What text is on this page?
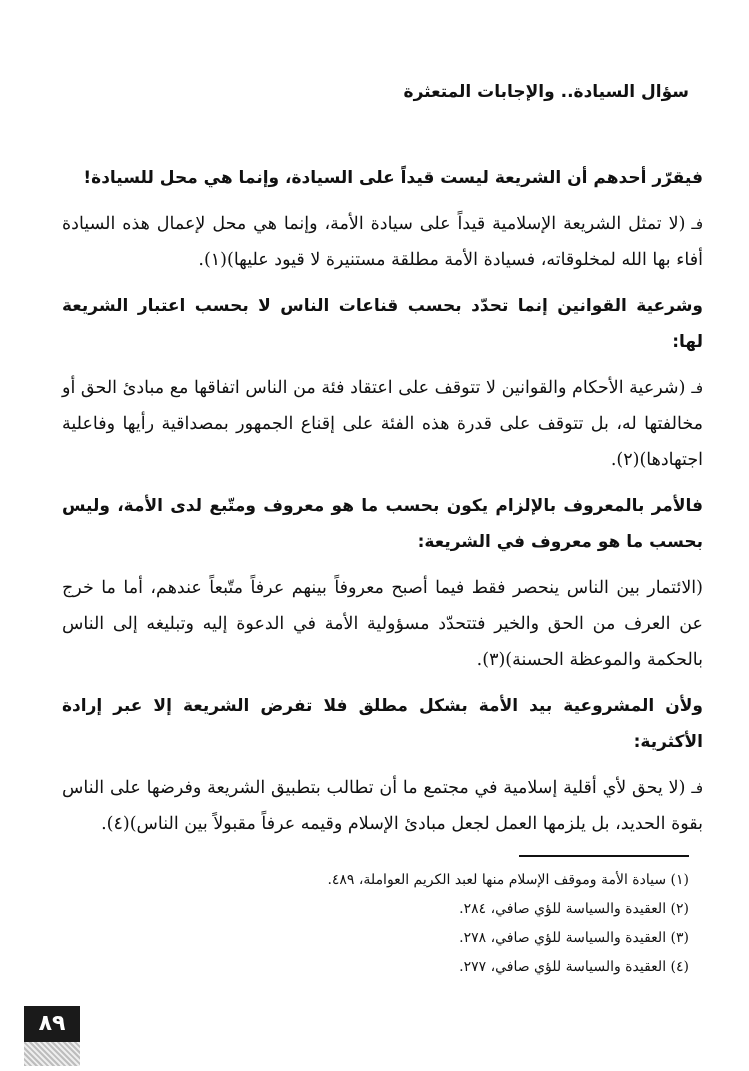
سؤال السيادة.. والإجابات المتعثرة

فيقرّر أحدهم أن الشريعة ليست قيداً على السيادة، وإنما هي محل للسيادة!

فـ(لا تمثل الشريعة الإسلامية قيداً على سيادة الأمة، وإنما هي محل لإعمال هذه السيادة أفاء بها الله لمخلوقاته، فسيادة الأمة مطلقة مستنيرة لا قيود عليها)(١).

وشرعية القوانين إنما تحدّد بحسب قناعات الناس لا بحسب اعتبار الشريعة لها:

فـ(شرعية الأحكام والقوانين لا تتوقف على اعتقاد فئة من الناس اتفاقها مع مبادئ الحق أو مخالفتها له، بل تتوقف على قدرة هذه الفئة على إقناع الجمهور بمصداقية رأيها وفاعلية اجتهادها)(٢).

فالأمر بالمعروف بالإلزام يكون بحسب ما هو معروف ومتّبع لدى الأمة، وليس بحسب ما هو معروف في الشريعة:

(الائتمار بين الناس ينحصر فقط فيما أصبح معروفاً بينهم عرفاً متّبعاً عندهم، أما ما خرج عن العرف من الحق والخير فتتحدّد مسؤولية الأمة في الدعوة إليه وتبليغه إلى الناس بالحكمة والموعظة الحسنة)(٣).

ولأن المشروعية بيد الأمة بشكل مطلق فلا تفرض الشريعة إلا عبر إرادة الأكثرية:

فـ(لا يحق لأي أقلية إسلامية في مجتمع ما أن تطالب بتطبيق الشريعة وفرضها على الناس بقوة الحديد، بل يلزمها العمل لجعل مبادئ الإسلام وقيمه عرفاً مقبولاً بين الناس)(٤).

(١) سيادة الأمة وموقف الإسلام منها لعبد الكريم العواملة، ٤٨٩.
(٢) العقيدة والسياسة للؤي صافي، ٢٨٤.
(٣) العقيدة والسياسة للؤي صافي، ٢٧٨.
(٤) العقيدة والسياسة للؤي صافي، ٢٧٧.
٨٩
